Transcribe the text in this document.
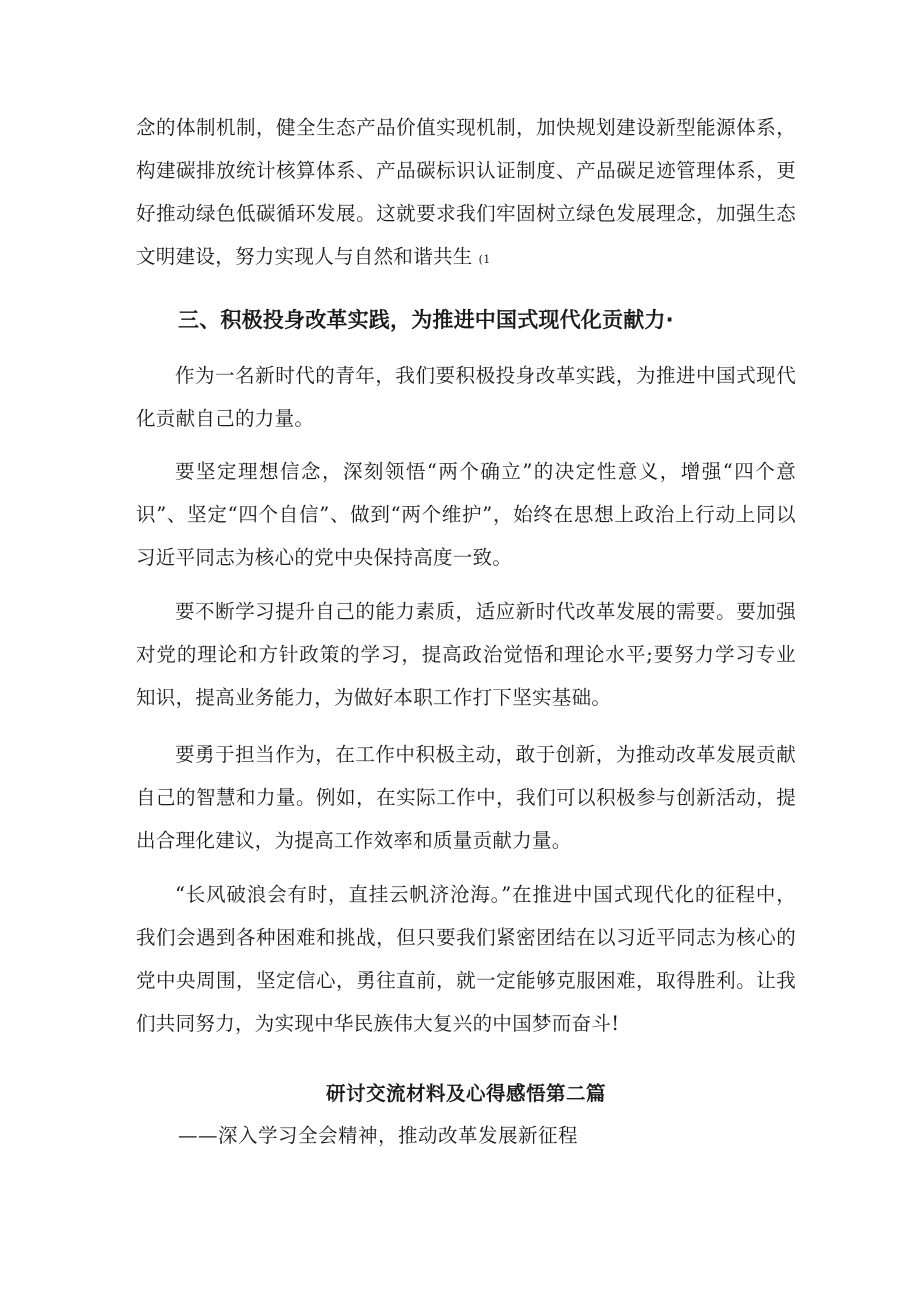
念的体制机制，健全生态产品价值实现机制，加快规划建设新型能源体系，构建碳排放统计核算体系、产品碳标识认证制度、产品碳足迹管理体系，更好推动绿色低碳循环发展。这就要求我们牢固树立绿色发展理念，加强生态文明建设，努力实现人与自然和谐共生 (1

三、积极投身改革实践，为推进中国式现代化贡献力·

作为一名新时代的青年，我们要积极投身改革实践，为推进中国式现代化贡献自己的力量。

要坚定理想信念，深刻领悟“两个确立”的决定性意义，增强“四个意识”、坚定“四个自信”、做到“两个维护”，始终在思想上政治上行动上同以习近平同志为核心的党中央保持高度一致。

要不断学习提升自己的能力素质，适应新时代改革发展的需要。要加强对党的理论和方针政策的学习，提高政治觉悟和理论水平;要努力学习专业知识，提高业务能力，为做好本职工作打下坚实基础。

要勇于担当作为，在工作中积极主动，敢于创新，为推动改革发展贡献自己的智慧和力量。例如，在实际工作中，我们可以积极参与创新活动，提出合理化建议，为提高工作效率和质量贡献力量。

“长风破浪会有时，直挂云帆济沧海。”在推进中国式现代化的征程中，我们会遇到各种困难和挑战，但只要我们紧密团结在以习近平同志为核心的党中央周围，坚定信心，勇往直前，就一定能够克服困难，取得胜利。让我们共同努力，为实现中华民族伟大复兴的中国梦而奋斗!

研讨交流材料及心得感悟第二篇

——深入学习全会精神，推动改革发展新征程
